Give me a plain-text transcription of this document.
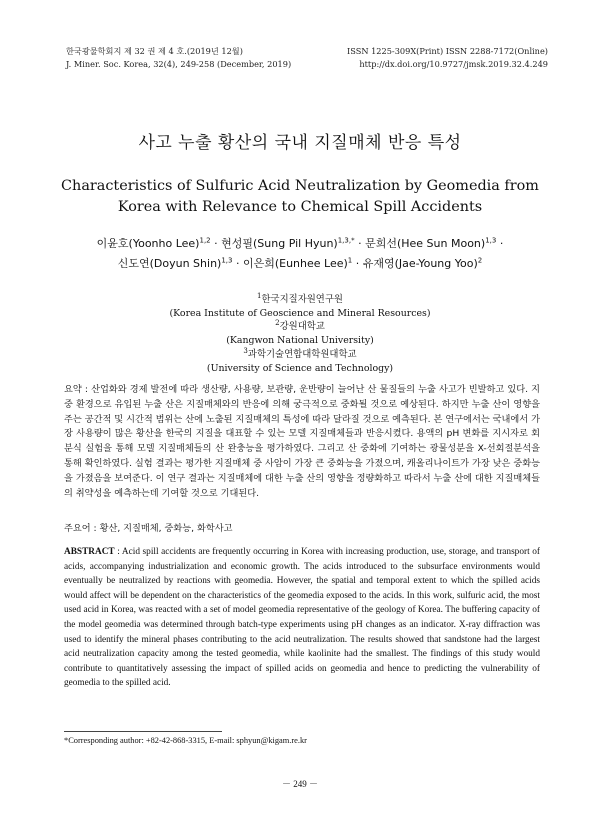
한국광물학회지 제 32 권 제 4 호.(2019년 12월)
J. Miner. Soc. Korea, 32(4), 249-258 (December, 2019)
ISSN 1225-309X(Print) ISSN 2288-7172(Online)
http://dx.doi.org/10.9727/jmsk.2019.32.4.249
사고 누출 황산의 국내 지질매체 반응 특성
Characteristics of Sulfuric Acid Neutralization by Geomedia from Korea with Relevance to Chemical Spill Accidents
이윤호(Yoonho Lee)$^{1,2}$ · 현성필(Sung Pil Hyun)$^{1,3,*}$ · 문희선(Hee Sun Moon)$^{1,3}$ ·
신도연(Doyun Shin)$^{1,3}$ · 이은희(Eunhee Lee)$^1$ · 유재영(Jae-Young Yoo)$^2$
$^1$한국지질자원연구원
(Korea Institute of Geoscience and Mineral Resources)
$^2$강원대학교
(Kangwon National University)
$^3$과학기술연합대학원대학교
(University of Science and Technology)
요약 : 산업화와 경제 발전에 따라 생산량, 사용량, 보관량, 운반량이 늘어난 산 물질들의 누출 사고가 빈발하고 있다. 지중 환경으로 유입된 누출 산은 지질매체와의 반응에 의해 궁극적으로 중화될 것으로 예상된다. 하지만 누출 산이 영향을 주는 공간적 및 시간적 범위는 산에 노출된 지질매체의 특성에 따라 달라질 것으로 예측된다. 본 연구에서는 국내에서 가장 사용량이 많은 황산을 한국의 지질을 대표할 수 있는 모델 지질매체들과 반응시켰다. 용액의 pH 변화를 지시자로 회분식 실험을 통해 모델 지질매체들의 산 완충능을 평가하였다. 그리고 산 중화에 기여하는 광물성분을 X-선회절분석을 통해 확인하였다. 실험 결과는 평가한 지질매체 중 사암이 가장 큰 중화능을 가졌으며, 캐올리나이트가 가장 낮은 중화능을 가졌음을 보여준다. 이 연구 결과는 지질매체에 대한 누출 산의 영향을 정량화하고 따라서 누출 산에 대한 지질매체들의 취약성을 예측하는데 기여할 것으로 기대된다.
주요어 : 황산, 지질매체, 중화능, 화학사고
ABSTRACT : Acid spill accidents are frequently occurring in Korea with increasing production, use, storage, and transport of acids, accompanying industrialization and economic growth. The acids introduced to the subsurface environments would eventually be neutralized by reactions with geomedia. However, the spatial and temporal extent to which the spilled acids would affect will be dependent on the characteristics of the geomedia exposed to the acids. In this work, sulfuric acid, the most used acid in Korea, was reacted with a set of model geomedia representative of the geology of Korea. The buffering capacity of the model geomedia was determined through batch-type experiments using pH changes as an indicator. X-ray diffraction was used to identify the mineral phases contributing to the acid neutralization. The results showed that sandstone had the largest acid neutralization capacity among the tested geomedia, while kaolinite had the smallest. The findings of this study would contribute to quantitatively assessing the impact of spilled acids on geomedia and hence to predicting the vulnerability of geomedia to the spilled acid.
*Corresponding author: +82-42-868-3315, E-mail: sphyun@kigam.re.kr
－ 249 －
